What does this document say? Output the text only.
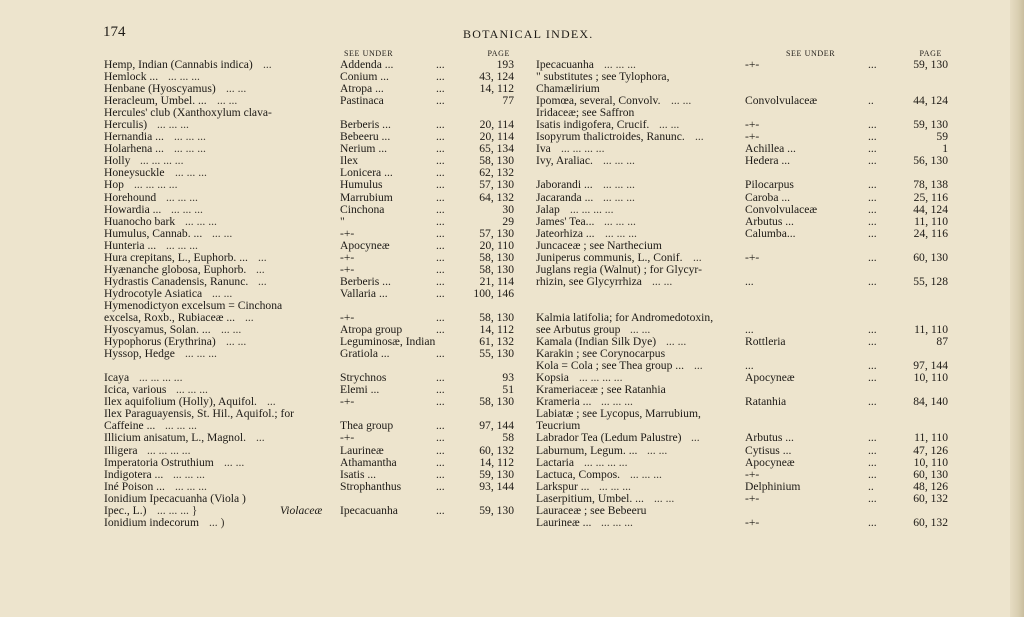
174	BOTANICAL INDEX.
SEE UNDER	PAGE
Hemp, Indian (Cannabis indica) ...	Addenda ...	...	193
Hemlock ... ... ... ...	Conium ...	...	43, 124
Henbane (Hyoscyamus) ... ...	Atropa ...	...	14, 112
Heracleum, Umbel. ... ... ...	Pastinaca	...	77
Hercules' club (Xanthoxylum clava-
Herculis) ... ... ...	Berberis ...	...	20, 114
Hernandia ... ... ... ...	Bebeeru ...	...	20, 114
Holarhena ... ... ... ...	Nerium ...	...	65, 134
Holly ... ... ... ...	Ilex	...	58, 130
Honeysuckle ... ... ...	Lonicera ...	...	62, 132
Hop ... ... ... ...	Humulus	...	57, 130
Horehound ... ... ...	Marrubium	...	64, 132
Howardia ... ... ... ...	Cinchona	...	30
Huanocho bark ... ... ...	"	...	29
Humulus, Cannab. ... ... ...	-+-	...	57, 130
Hunteria ... ... ... ...	Apocyneæ	...	20, 110
Hura crepitans, L., Euphorb. ... ...	-+-	...	58, 130
Hyænanche globosa, Euphorb. ...	-+-	...	58, 130
Hydrastis Canadensis, Ranunc. ...	Berberis ...	...	21, 114
Hydrocotyle Asiatica ... ...	Vallaria ...	... 100, 146
Hymenodictyon excelsum = Cinchona
excelsa, Roxb., Rubiaceæ ... ...	-+-	...	58, 130
Hyoscyamus, Solan. ... ... ...	Atropa group	...	14, 112
Hypophorus (Erythrina) ... ...	Leguminosæ, Indian	61, 132
Hyssop, Hedge ... ... ...	Gratiola ...	...	55, 130
Icaya ... ... ... ...	Strychnos	...	93
Icica, various ... ... ...	Elemi ...	...	51
Ilex aquifolium (Holly), Aquifol. ...	-+-	...	58, 130
Ilex Paraguayensis, St. Hil., Aquifol.; for
Caffeine ... ... ... ...	Thea group	...	97, 144
Illicium anisatum, L., Magnol. ...	-+-	...	58
Illigera ... ... ... ...	Laurineæ	...	60, 132
Imperatoria Ostruthium ... ...	Athamantha	...	14, 112
Indigotera ... ... ... ...	Isatis ...	...	59, 130
Iné Poison ... ... ... ...	Strophanthus	...	93, 144
Ionidium Ipecacuanha (Viola )
Ipec., L.) ... ... ... }	Ipecacuanha	...	59, 130
Violaceæ
Ionidium indecorum ... )
SEE UNDER	PAGE
Ipecacuanha ... ... ...	-+-	...	59, 130
" substitutes ; see Tylophora,
Chamælirium
Ipomœa, several, Convolv. ... ...	Convolvulaceæ	..	44, 124
Iridaceæ; see Saffron
Isatis indigofera, Crucif. ... ...	-+-	...	59, 130
Isopyrum thalictroides, Ranunc. ...	-+-	...	59
Iva ... ... ... ...	Achillea ...	...	1
Ivy, Araliac. ... ... ...	Hedera ...	...	56, 130
Jaborandi ... ... ... ...	Pilocarpus	...	78, 138
Jacaranda ... ... ... ...	Caroba ...	...	25, 116
Jalap ... ... ... ...	Convolvulaceæ	...	44, 124
James' Tea... ... ... ...	Arbutus ...	...	11, 110
Jateorhiza ... ... ... ...	Calumba...	...	24, 116
Juncaceæ ; see Narthecium
Juniperus communis, L., Conif. ...	-+-	...	60, 130
Juglans regia (Walnut) ; for Glycyr-
rhizin, see Glycyrrhiza ... ...	...	...	55, 128
Kalmia latifolia; for Andromedotoxin,
see Arbutus group ... ...	...	...	11, 110
Kamala (Indian Silk Dye) ... ...	Rottleria	...	87
Karakin ; see Corynocarpus
Kola = Cola ; see Thea group ... ...	...	...	97, 144
Kopsia ... ... ... ...	Apocyneæ	...	10, 110
Krameriaceæ ; see Ratanhia
Krameria ... ... ... ...	Ratanhia	...	84, 140
Labiatæ ; see Lycopus, Marrubium,
Teucrium
Labrador Tea (Ledum Palustre) ...	Arbutus ...	...	11, 110
Laburnum, Legum. ... ... ...	Cytisus ...	...	47, 126
Lactaria ... ... ... ...	Apocyneæ	...	10, 110
Lactuca, Compos. ... ... ...	-+-	...	60, 130
Larkspur ... ... ... ...	Delphinium	..	48, 126
Laserpitium, Umbel. ... ... ...	-+-	...	60, 132
Lauraceæ ; see Bebeeru
Laurineæ ... ... ... ...	-+-	...	60, 132
